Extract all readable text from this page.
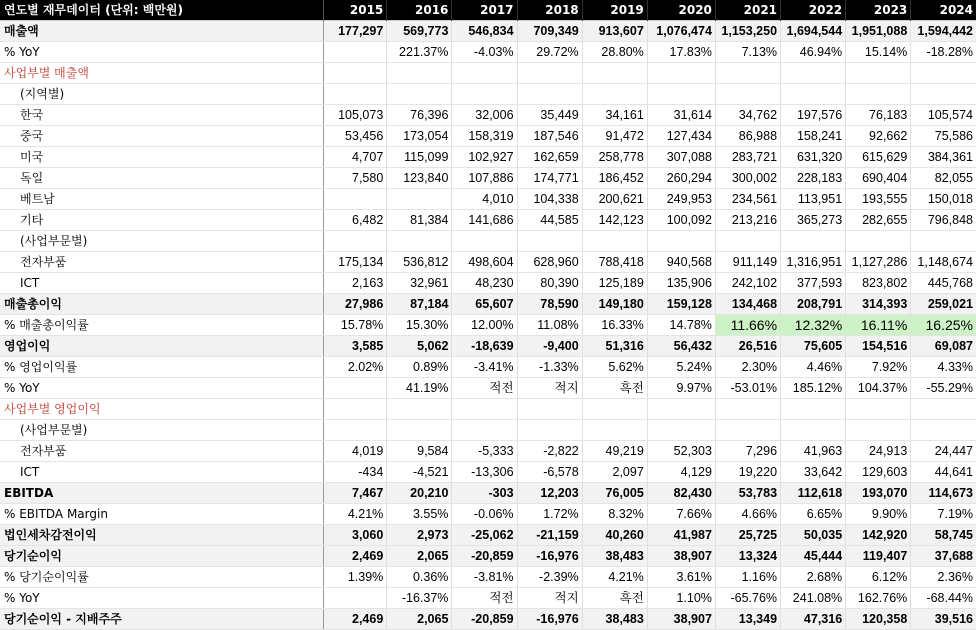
연도별 재무데이터 (단위: 백만원)	2015	2016	2017	2018	2019	2020	2021	2022	2023	2024
매출액	177,297	569,773	546,834	709,349	913,607	1,076,474	1,153,250	1,694,544	1,951,088	1,594,442
% YoY		221.37%	-4.03%	29.72%	28.80%	17.83%	7.13%	46.94%	15.14%	-18.28%
사업부별 매출액										
(지역별)										
한국	105,073	76,396	32,006	35,449	34,161	31,614	34,762	197,576	76,183	105,574
중국	53,456	173,054	158,319	187,546	91,472	127,434	86,988	158,241	92,662	75,586
미국	4,707	115,099	102,927	162,659	258,778	307,088	283,721	631,320	615,629	384,361
독일	7,580	123,840	107,886	174,771	186,452	260,294	300,002	228,183	690,404	82,055
베트남			4,010	104,338	200,621	249,953	234,561	113,951	193,555	150,018
기타	6,482	81,384	141,686	44,585	142,123	100,092	213,216	365,273	282,655	796,848
(사업부문별)										
전자부품	175,134	536,812	498,604	628,960	788,418	940,568	911,149	1,316,951	1,127,286	1,148,674
ICT	2,163	32,961	48,230	80,390	125,189	135,906	242,102	377,593	823,802	445,768
매출총이익	27,986	87,184	65,607	78,590	149,180	159,128	134,468	208,791	314,393	259,021
% 매출총이익률	15.78%	15.30%	12.00%	11.08%	16.33%	14.78%	11.66%	12.32%	16.11%	16.25%
영업이익	3,585	5,062	-18,639	-9,400	51,316	56,432	26,516	75,605	154,516	69,087
% 영업이익률	2.02%	0.89%	-3.41%	-1.33%	5.62%	5.24%	2.30%	4.46%	7.92%	4.33%
% YoY		41.19%	적전	적지	흑전	9.97%	-53.01%	185.12%	104.37%	-55.29%
사업부별 영업이익										
(사업부문별)										
전자부품	4,019	9,584	-5,333	-2,822	49,219	52,303	7,296	41,963	24,913	24,447
ICT	-434	-4,521	-13,306	-6,578	2,097	4,129	19,220	33,642	129,603	44,641
EBITDA	7,467	20,210	-303	12,203	76,005	82,430	53,783	112,618	193,070	114,673
% EBITDA Margin	4.21%	3.55%	-0.06%	1.72%	8.32%	7.66%	4.66%	6.65%	9.90%	7.19%
법인세차감전이익	3,060	2,973	-25,062	-21,159	40,260	41,987	25,725	50,035	142,920	58,745
당기순이익	2,469	2,065	-20,859	-16,976	38,483	38,907	13,324	45,444	119,407	37,688
% 당기순이익률	1.39%	0.36%	-3.81%	-2.39%	4.21%	3.61%	1.16%	2.68%	6.12%	2.36%
% YoY		-16.37%	적전	적지	흑전	1.10%	-65.76%	241.08%	162.76%	-68.44%
당기순이익 - 지배주주	2,469	2,065	-20,859	-16,976	38,483	38,907	13,349	47,316	120,358	39,516
